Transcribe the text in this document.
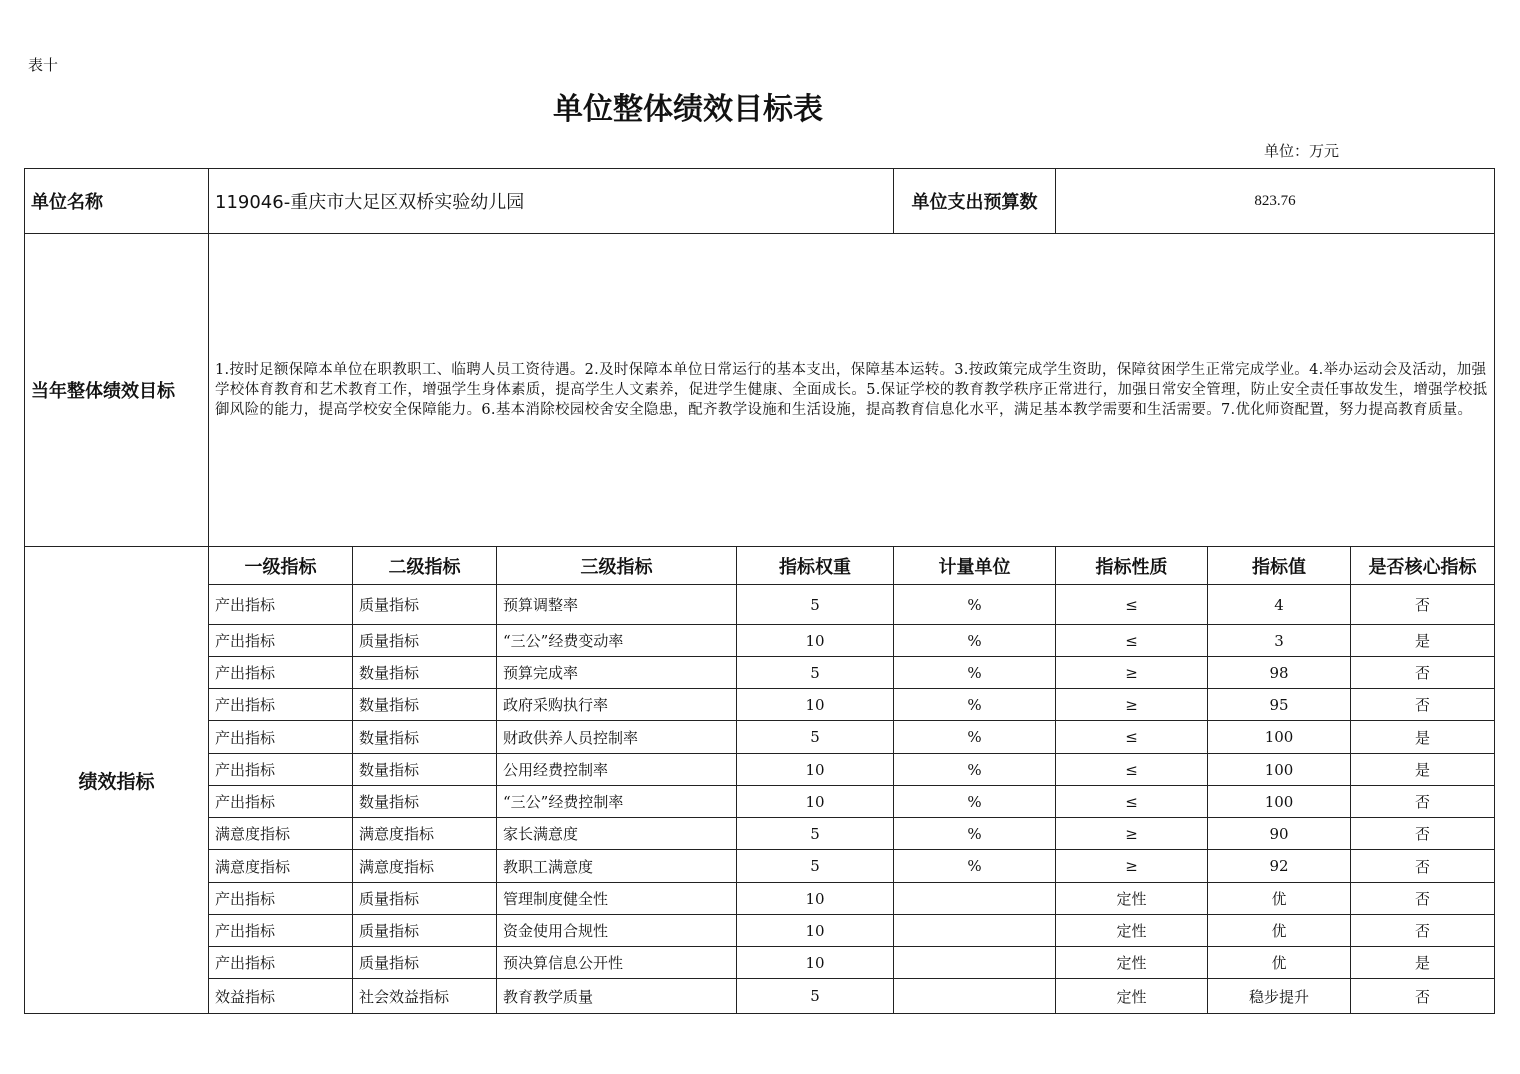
表十
单位整体绩效目标表
单位：万元
单位名称	119046-重庆市大足区双桥实验幼儿园				单位支出预算数	823.76		
当年整体绩效目标	1.按时足额保障本单位在职教职工、临聘人员工资待遇。2.及时保障本单位日常运行的基本支出，保障基本运转。3.按政策完成学生资助，保障贫困学生正常完成学业。4.举办运动会及活动，加强学校体育教育和艺术教育工作，增强学生身体素质，提高学生人文素养，促进学生健康、全面成长。5.保证学校的教育教学秩序正常进行，加强日常安全管理，防止安全责任事故发生，增强学校抵御风险的能力，提高学校安全保障能力。6.基本消除校园校舍安全隐患，配齐教学设施和生活设施，提高教育信息化水平，满足基本教学需要和生活需要。7.优化师资配置，努力提高教育质量。							
绩效指标	一级指标	二级指标	三级指标	指标权重	计量单位	指标性质	指标值	是否核心指标
	产出指标	质量指标	预算调整率	5	%	≤	4	否
	产出指标	质量指标	“三公”经费变动率	10	%	≤	3	是
	产出指标	数量指标	预算完成率	5	%	≥	98	否
	产出指标	数量指标	政府采购执行率	10	%	≥	95	否
	产出指标	数量指标	财政供养人员控制率	5	%	≤	100	是
	产出指标	数量指标	公用经费控制率	10	%	≤	100	是
	产出指标	数量指标	“三公”经费控制率	10	%	≤	100	否
	满意度指标	满意度指标	家长满意度	5	%	≥	90	否
	满意度指标	满意度指标	教职工满意度	5	%	≥	92	否
	产出指标	质量指标	管理制度健全性	10		定性	优	否
	产出指标	质量指标	资金使用合规性	10		定性	优	否
	产出指标	质量指标	预决算信息公开性	10		定性	优	是
	效益指标	社会效益指标	教育教学质量	5		定性	稳步提升	否
